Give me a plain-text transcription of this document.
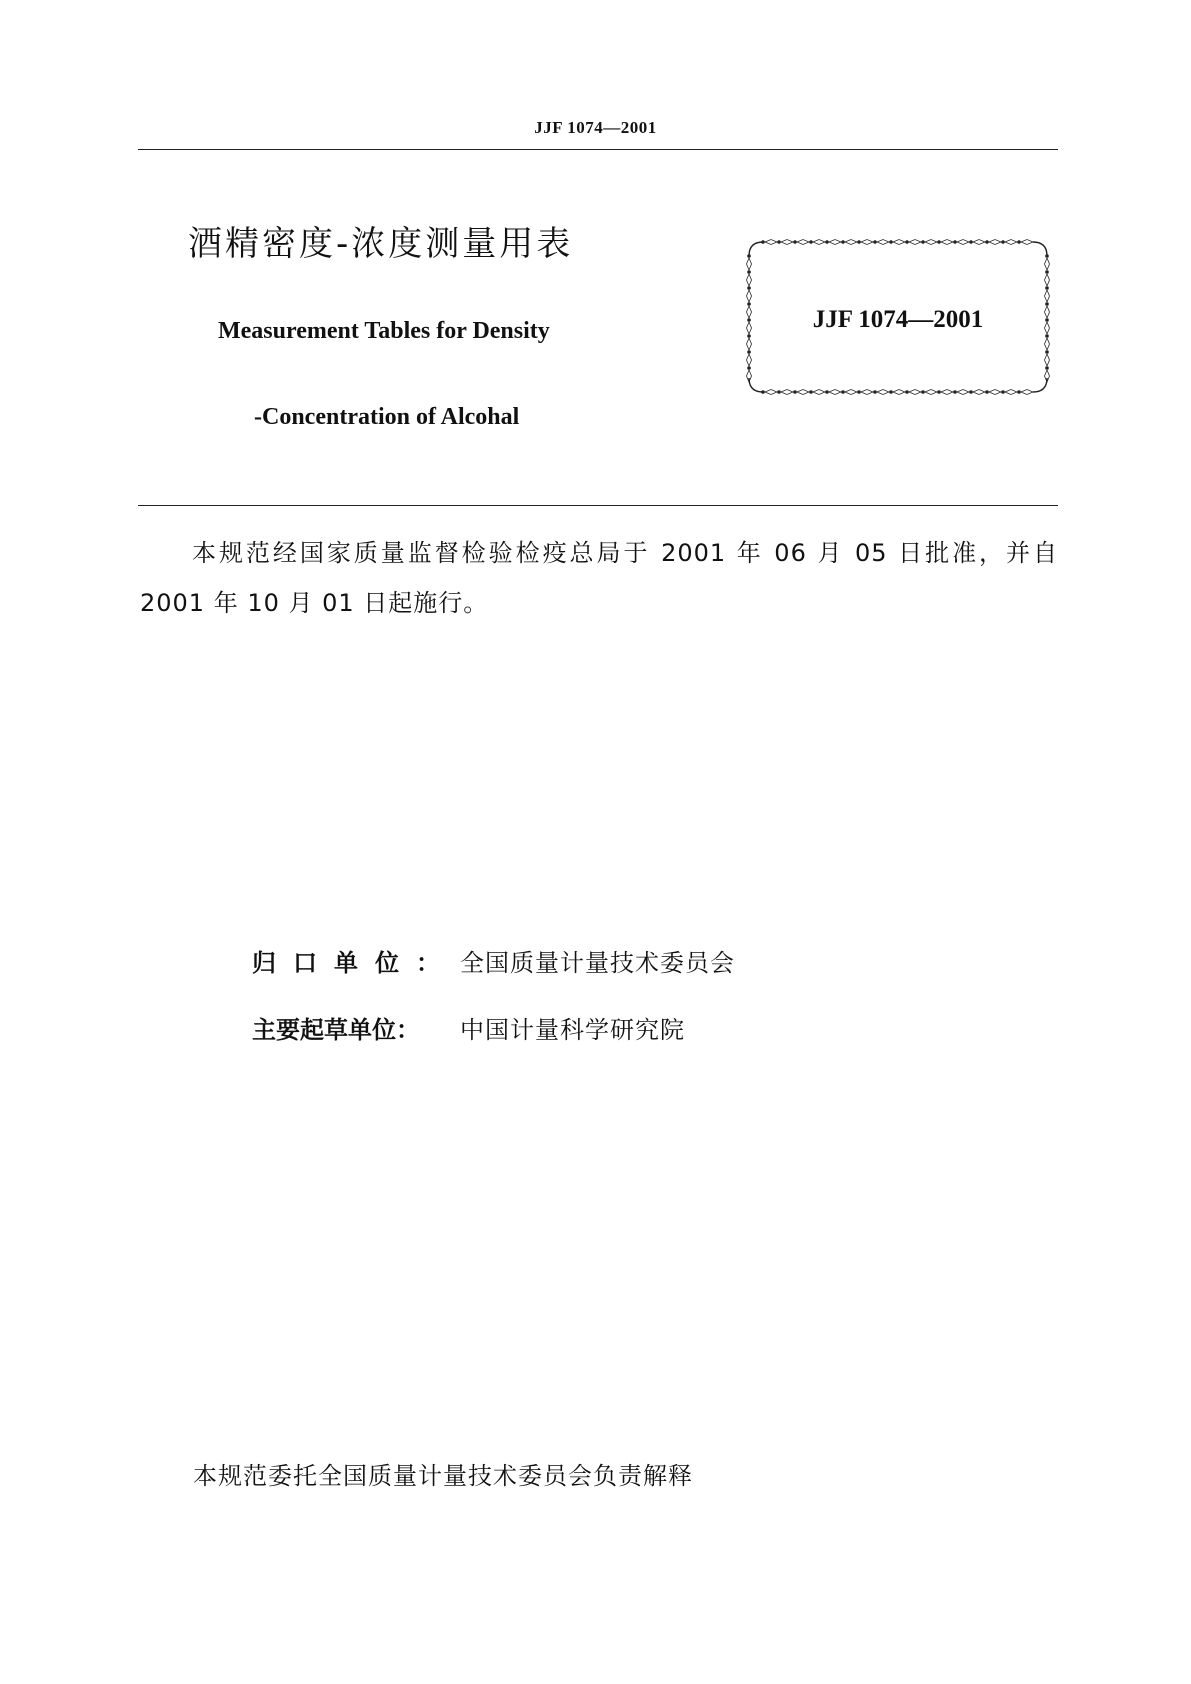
JJF 1074—2001
酒精密度-浓度测量用表
Measurement Tables for Density
-Concentration of Alcohal
JJF 1074—2001
本规范经国家质量监督检验检疫总局于 2001 年 06 月 05 日批准，并自 2001 年 10 月 01 日起施行。
归口单位： 全国质量计量技术委员会
主要起草单位： 中国计量科学研究院
本规范委托全国质量计量技术委员会负责解释
